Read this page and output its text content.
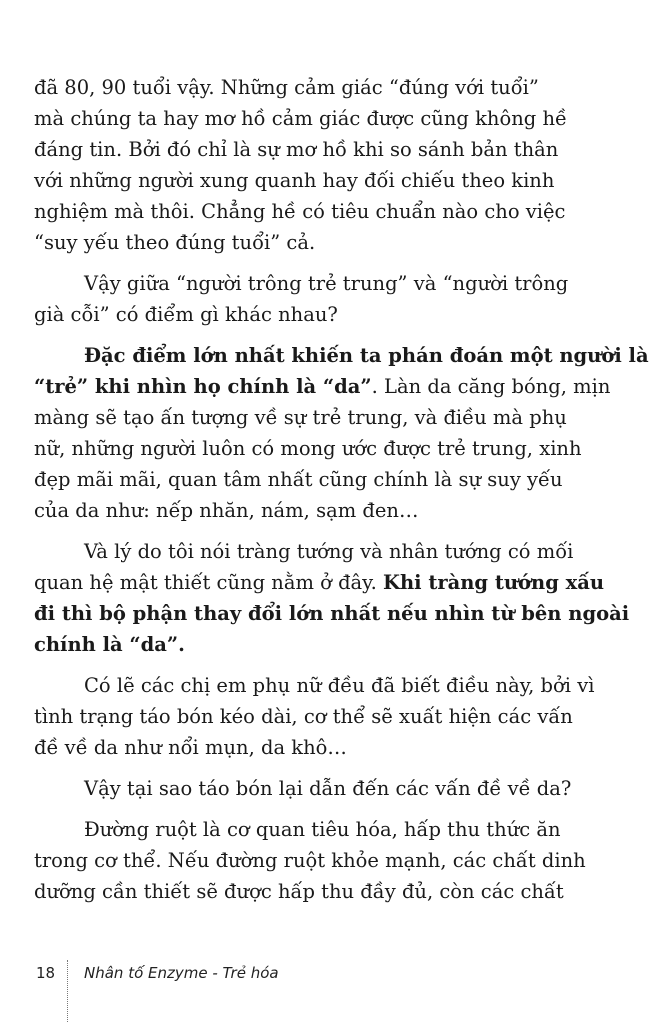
đã 80, 90 tuổi vậy. Những cảm giác “đúng với tuổi”
mà chúng ta hay mơ hồ cảm giác được cũng không hề
đáng tin. Bởi đó chỉ là sự mơ hồ khi so sánh bản thân
với những người xung quanh hay đối chiếu theo kinh
nghiệm mà thôi. Chẳng hề có tiêu chuẩn nào cho việc
“suy yếu theo đúng tuổi” cả.

Vậy giữa “người trông trẻ trung” và “người trông
già cỗi” có điểm gì khác nhau?

Đặc điểm lớn nhất khiến ta phán đoán một người là
“trẻ” khi nhìn họ chính là “da”. Làn da căng bóng, mịn
màng sẽ tạo ấn tượng về sự trẻ trung, và điều mà phụ
nữ, những người luôn có mong ước được trẻ trung, xinh
đẹp mãi mãi, quan tâm nhất cũng chính là sự suy yếu
của da như: nếp nhăn, nám, sạm đen…

Và lý do tôi nói tràng tướng và nhân tướng có mối
quan hệ mật thiết cũng nằm ở đây. Khi tràng tướng xấu
đi thì bộ phận thay đổi lớn nhất nếu nhìn từ bên ngoài
chính là “da”.

Có lẽ các chị em phụ nữ đều đã biết điều này, bởi vì
tình trạng táo bón kéo dài, cơ thể sẽ xuất hiện các vấn
đề về da như nổi mụn, da khô…

Vậy tại sao táo bón lại dẫn đến các vấn đề về da?

Đường ruột là cơ quan tiêu hóa, hấp thu thức ăn
trong cơ thể. Nếu đường ruột khỏe mạnh, các chất dinh
dưỡng cần thiết sẽ được hấp thu đầy đủ, còn các chất

18 Nhân tố Enzyme - Trẻ hóa
